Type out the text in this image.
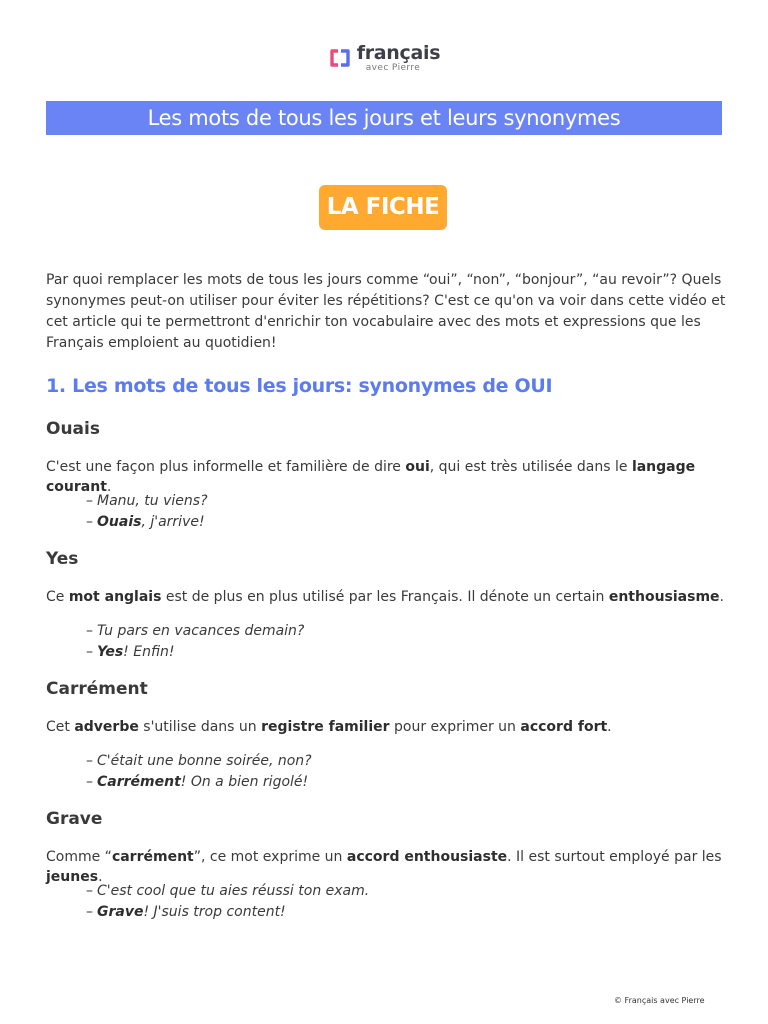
français
avec Pierre
Les mots de tous les jours et leurs synonymes
LA FICHE

Par quoi remplacer les mots de tous les jours comme “oui”, “non”, “bonjour”, “au revoir”? Quels synonymes peut-on utiliser pour éviter les répétitions? C'est ce qu'on va voir dans cette vidéo et cet article qui te permettront d'enrichir ton vocabulaire avec des mots et expressions que les Français emploient au quotidien!

1. Les mots de tous les jours: synonymes de OUI
Ouais

C'est une façon plus informelle et familière de dire oui, qui est très utilisée dans le langage courant.

– Manu, tu viens?
– Ouais, j'arrive!
Yes

Ce mot anglais est de plus en plus utilisé par les Français. Il dénote un certain enthousiasme.

– Tu pars en vacances demain?
– Yes! Enfin!
Carrément

Cet adverbe s'utilise dans un registre familier pour exprimer un accord fort.

– C'était une bonne soirée, non?
– Carrément! On a bien rigolé!
Grave

Comme “carrément”, ce mot exprime un accord enthousiaste. Il est surtout employé par les jeunes.

– C'est cool que tu aies réussi ton exam.
– Grave! J'suis trop content!
© Français avec Pierre
